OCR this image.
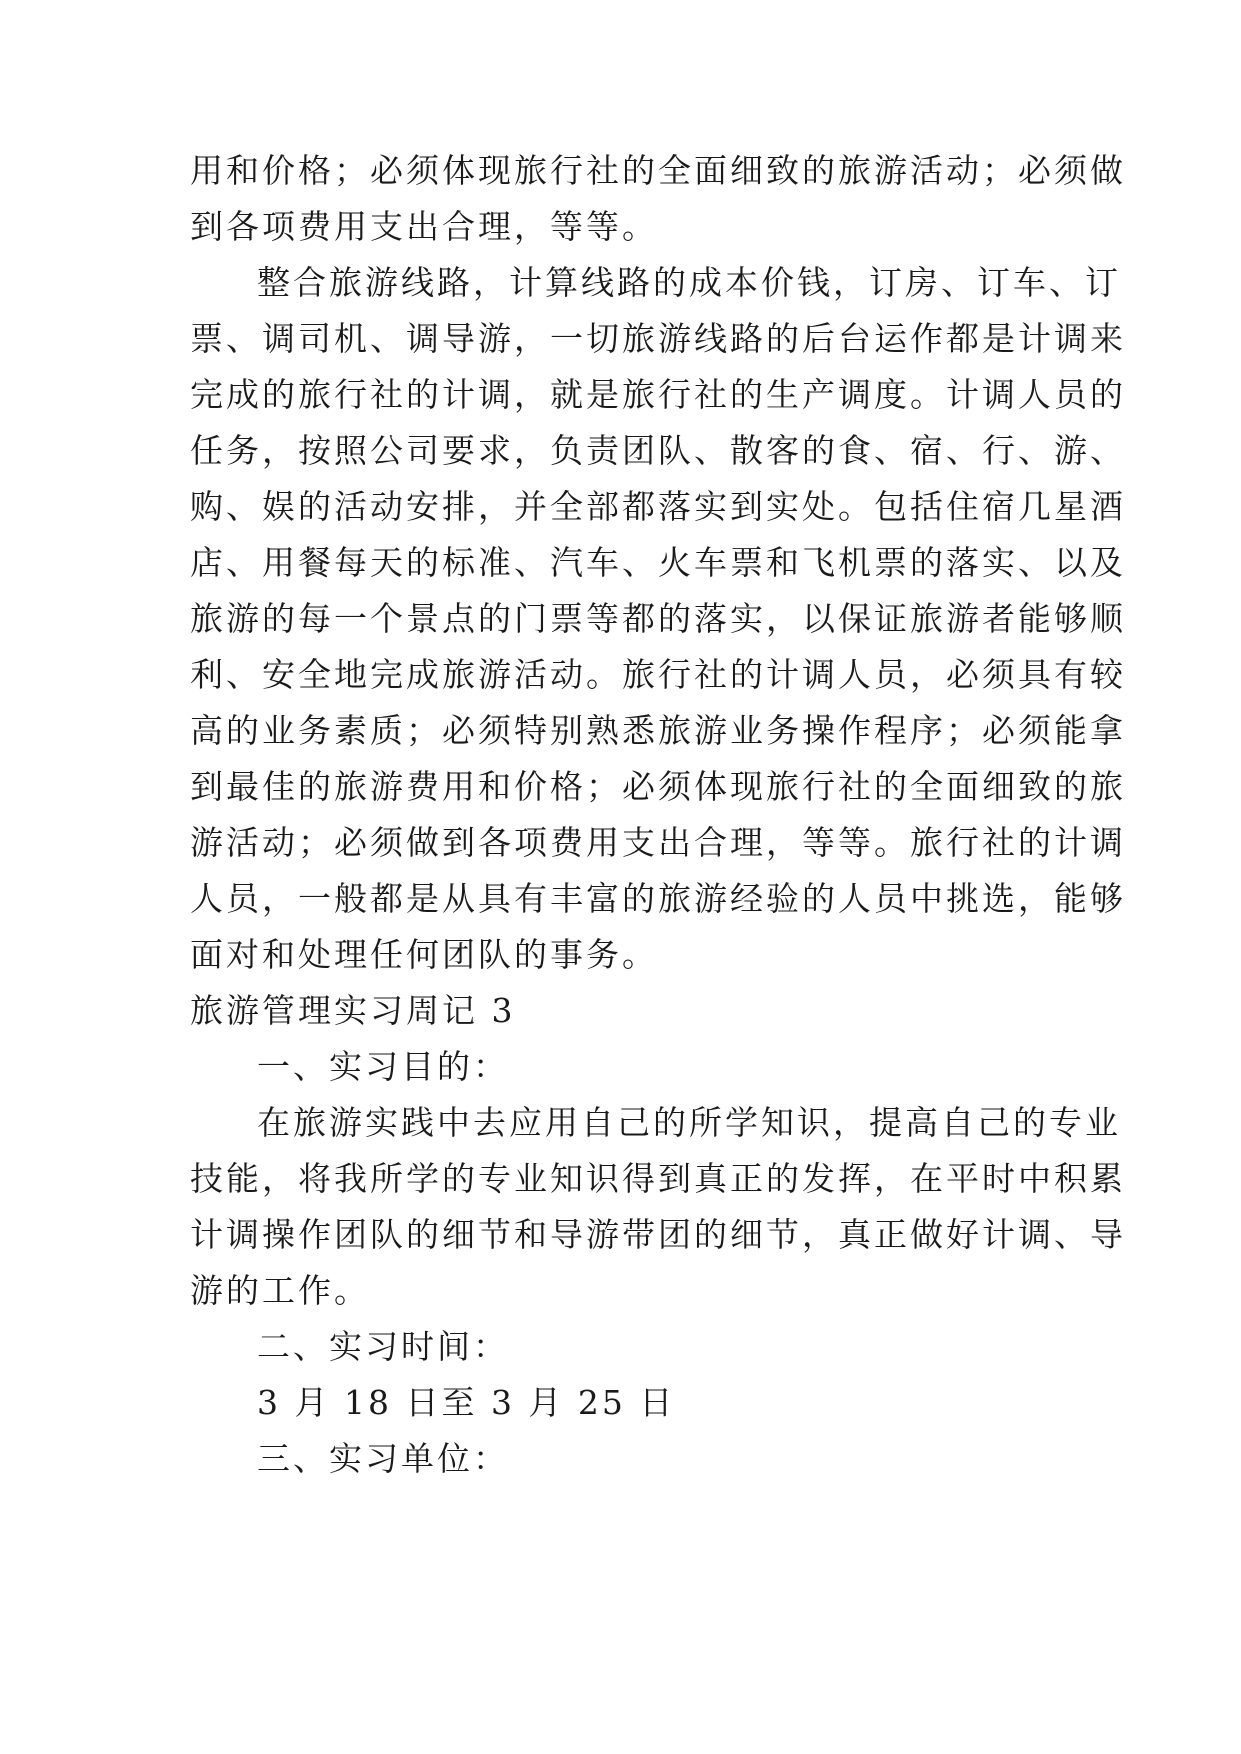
用和价格；必须体现旅行社的全面细致的旅游活动；必须做
到各项费用支出合理，等等。
整合旅游线路，计算线路的成本价钱，订房、订车、订
票、调司机、调导游，一切旅游线路的后台运作都是计调来
完成的旅行社的计调，就是旅行社的生产调度。计调人员的
任务，按照公司要求，负责团队、散客的食、宿、行、游、
购、娱的活动安排，并全部都落实到实处。包括住宿几星酒
店、用餐每天的标准、汽车、火车票和飞机票的落实、以及
旅游的每一个景点的门票等都的落实，以保证旅游者能够顺
利、安全地完成旅游活动。旅行社的计调人员，必须具有较
高的业务素质；必须特别熟悉旅游业务操作程序；必须能拿
到最佳的旅游费用和价格；必须体现旅行社的全面细致的旅
游活动；必须做到各项费用支出合理，等等。旅行社的计调
人员，一般都是从具有丰富的旅游经验的人员中挑选，能够
面对和处理任何团队的事务。
旅游管理实习周记 3
一、实习目的：
在旅游实践中去应用自己的所学知识，提高自己的专业
技能，将我所学的专业知识得到真正的发挥，在平时中积累
计调操作团队的细节和导游带团的细节，真正做好计调、导
游的工作。
二、实习时间：
3 月 18 日至 3 月 25 日
三、实习单位：
